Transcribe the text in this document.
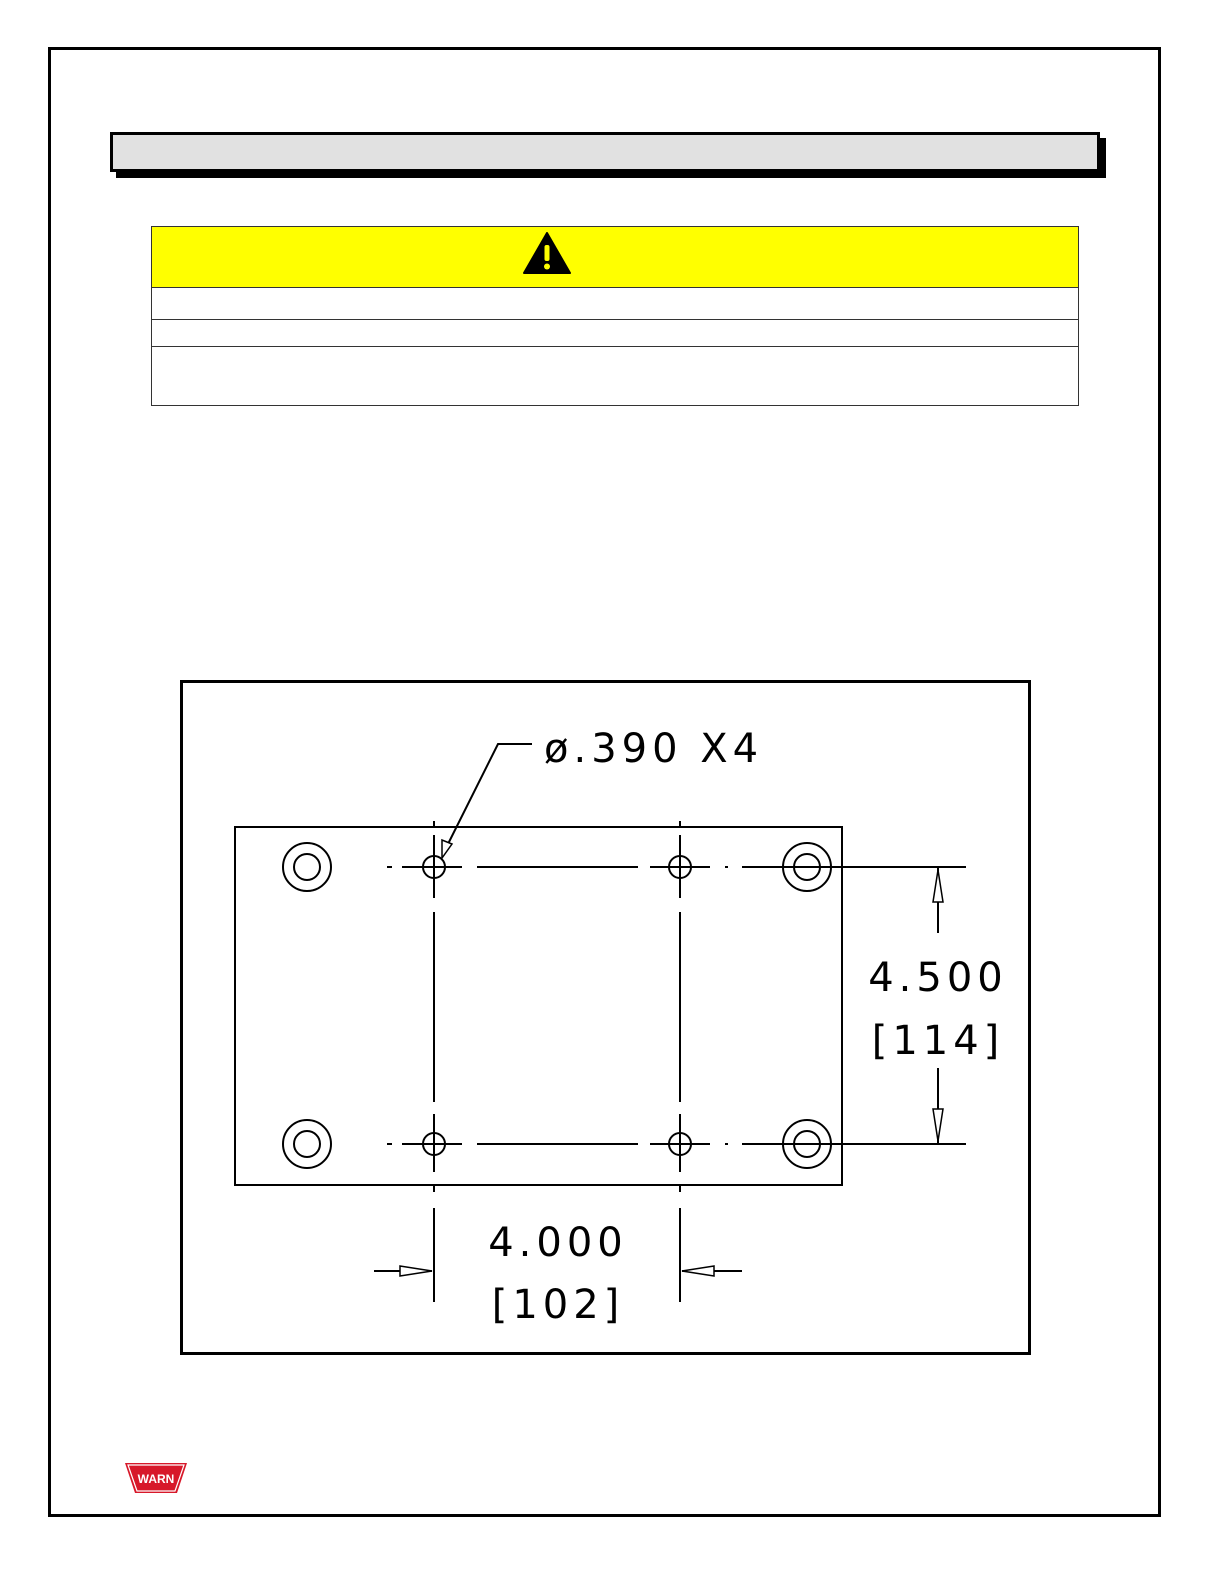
ø.390 X4
4.500
[114]
4.000
[102]
WARN
